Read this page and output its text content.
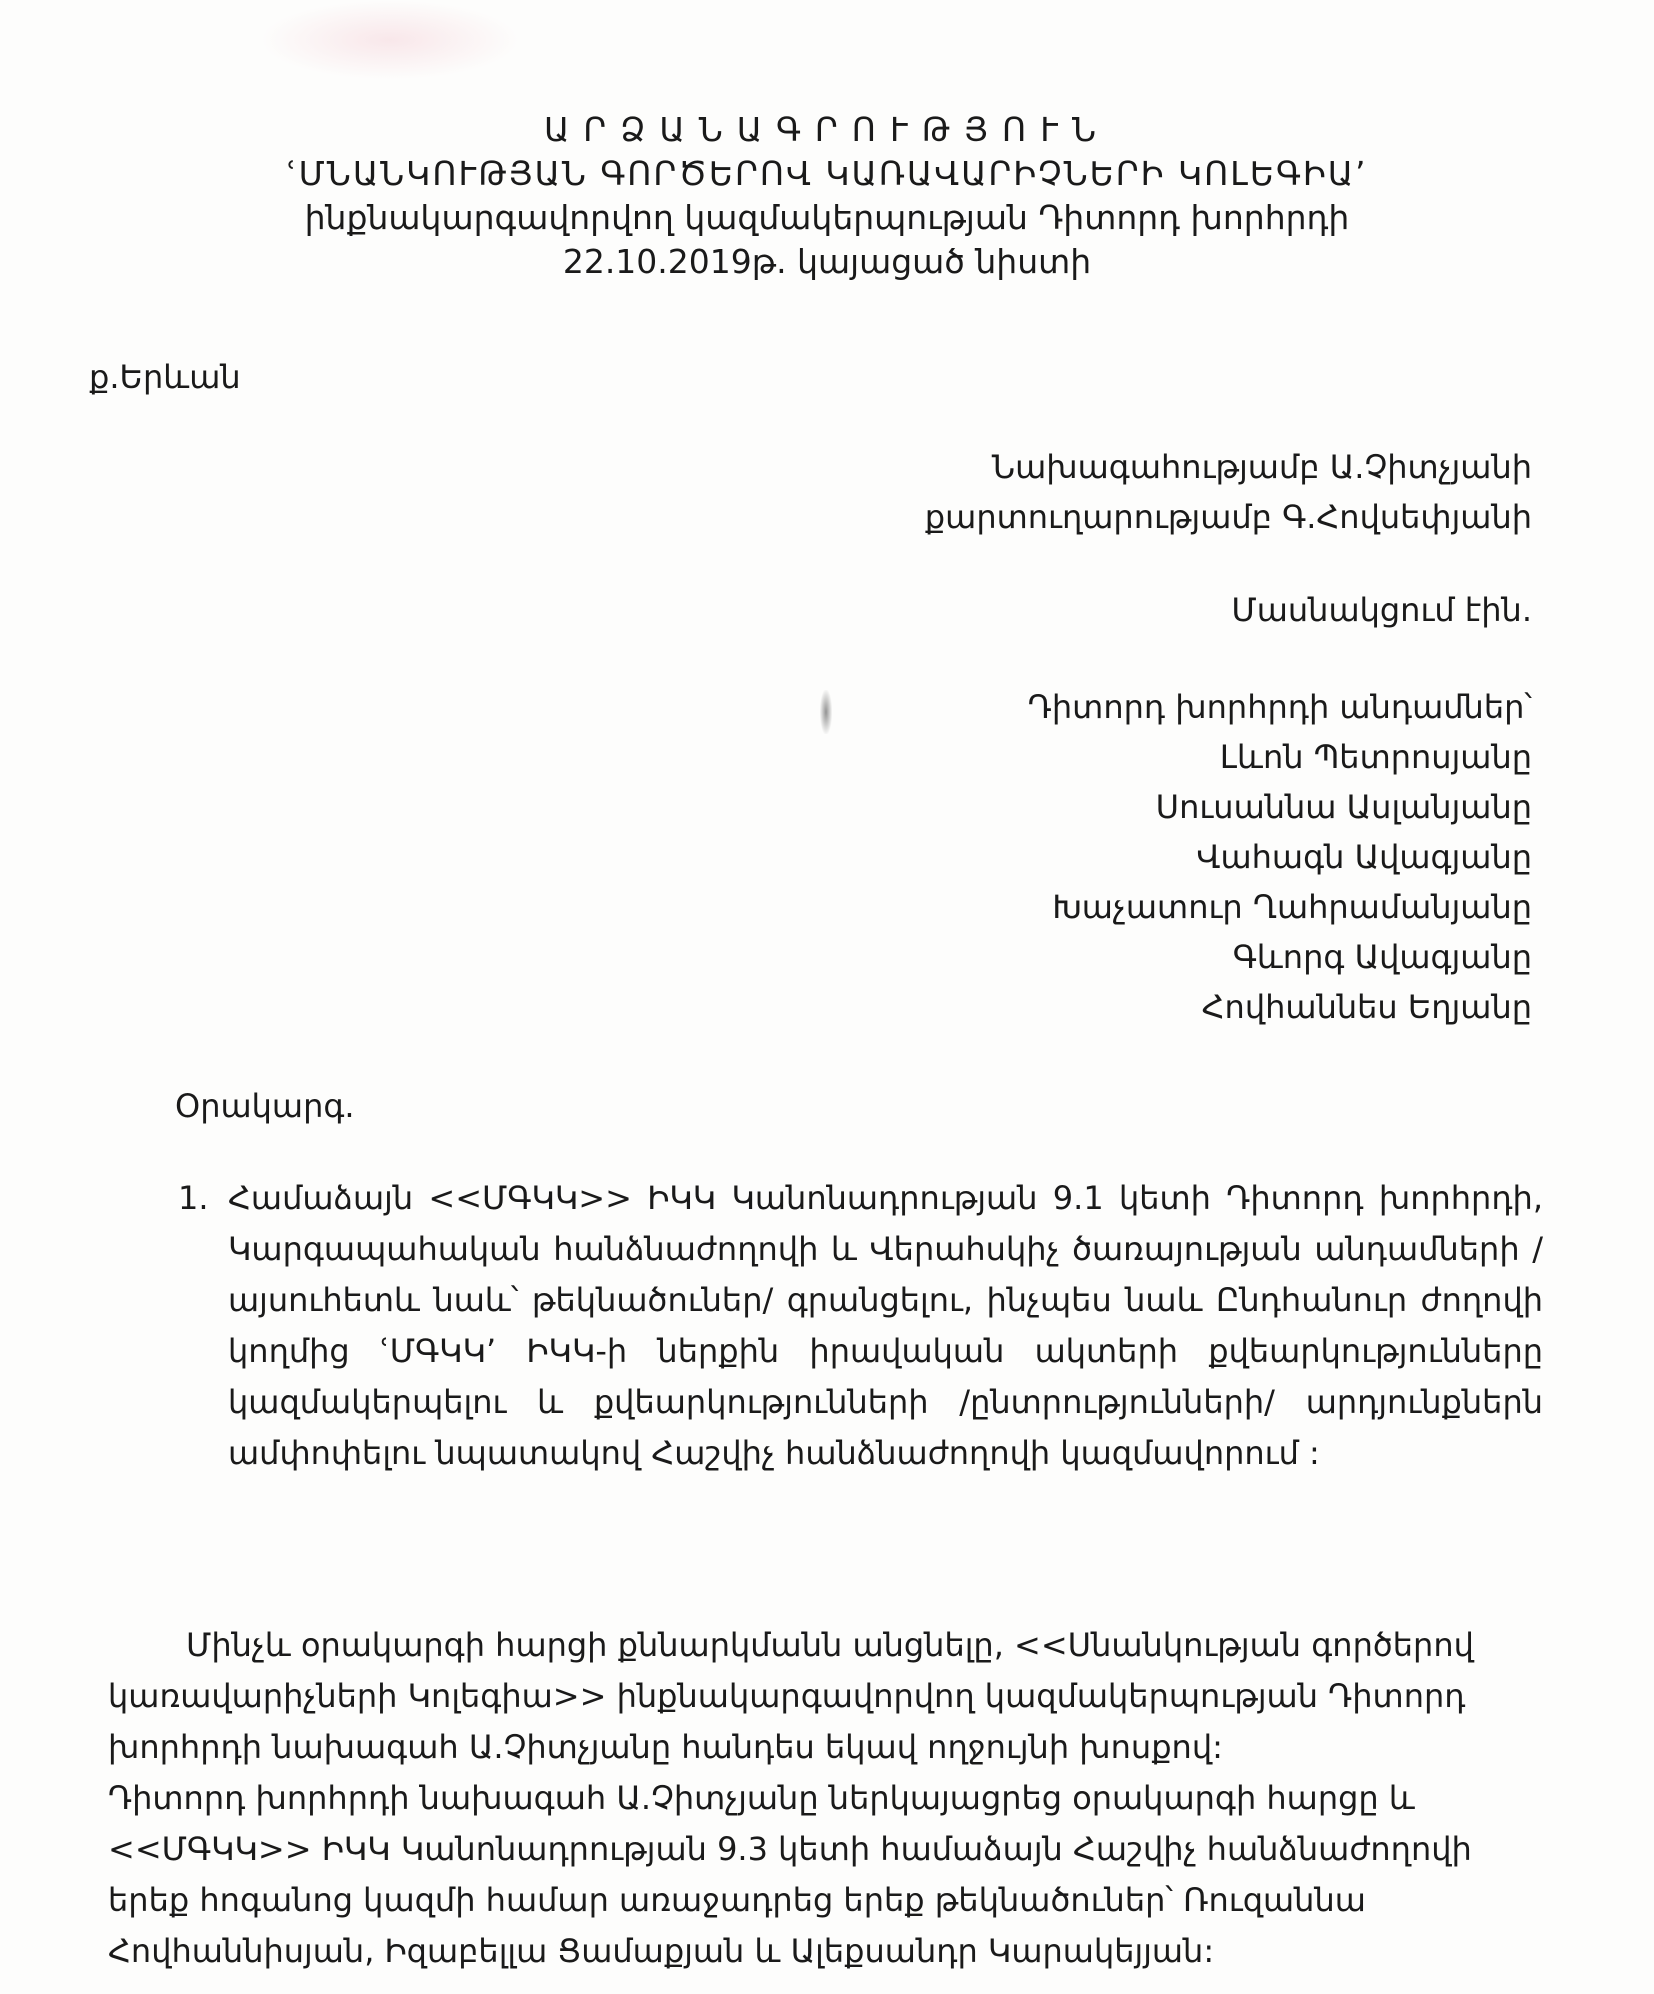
ԱՐՁԱՆԱԳՐՈՒԹՅՈՒՆ
ՙՄՆԱՆԿՈՒԹՅԱՆ ԳՈՐԾԵՐՈՎ ԿԱՌԱՎԱՐԻՉՆԵՐԻ ԿՈԼԵԳԻԱ՚
ինքնակարգավորվող կազմակերպության Դիտորդ խորհրդի
22.10.2019թ. կայացած նիստի
ք.Երևան
Նախագահությամբ Ա.Չիտչյանի
քարտուղարությամբ Գ.Հովսեփյանի
Մասնակցում էին.
Դիտորդ խորհրդի անդամներ՝
Լևոն Պետրոսյանը
Սուսաննա Ասլանյանը
Վահագն Ավագյանը
Խաչատուր Ղահրամանյանը
Գևորգ Ավագյանը
Հովհաննես Եղյանը
Օրակարգ.
1. Համաձայն <<ՄԳԿԿ>> ԻԿԿ Կանոնադրության 9.1 կետի Դիտորդ խորհրդի, Կարգապահական հանձնաժողովի և Վերահսկիչ ծառայության անդամների /այսուհետև նաև՝ թեկնածուներ/ գրանցելու, ինչպես նաև Ընդհանուր ժողովի կողմից ՙՄԳԿԿ՚ ԻԿԿ-ի ներքին իրավական ակտերի քվեարկությունները կազմակերպելու և քվեարկությունների /ընտրությունների/ արդյունքներն ամփոփելու նպատակով Հաշվիչ հանձնաժողովի կազմավորում :

Մինչև օրակարգի հարցի քննարկմանն անցնելը, <<Սնանկության գործերով կառավարիչների Կոլեգիա>> ինքնակարգավորվող կազմակերպության Դիտորդ խորհրդի նախագահ Ա.Չիտչյանը հանդես եկավ ողջույնի խոսքով:

Դիտորդ խորհրդի նախագահ Ա.Չիտչյանը ներկայացրեց օրակարգի հարցը և <<ՄԳԿԿ>> ԻԿԿ Կանոնադրության 9.3 կետի համաձայն Հաշվիչ հանձնաժողովի երեք հոգանոց կազմի համար առաջադրեց երեք թեկնածուներ՝ Ռուզաննա Հովհաննիսյան, Իզաբելլա Ցամաքյան և Ալեքսանդր Կարակեյյան:
